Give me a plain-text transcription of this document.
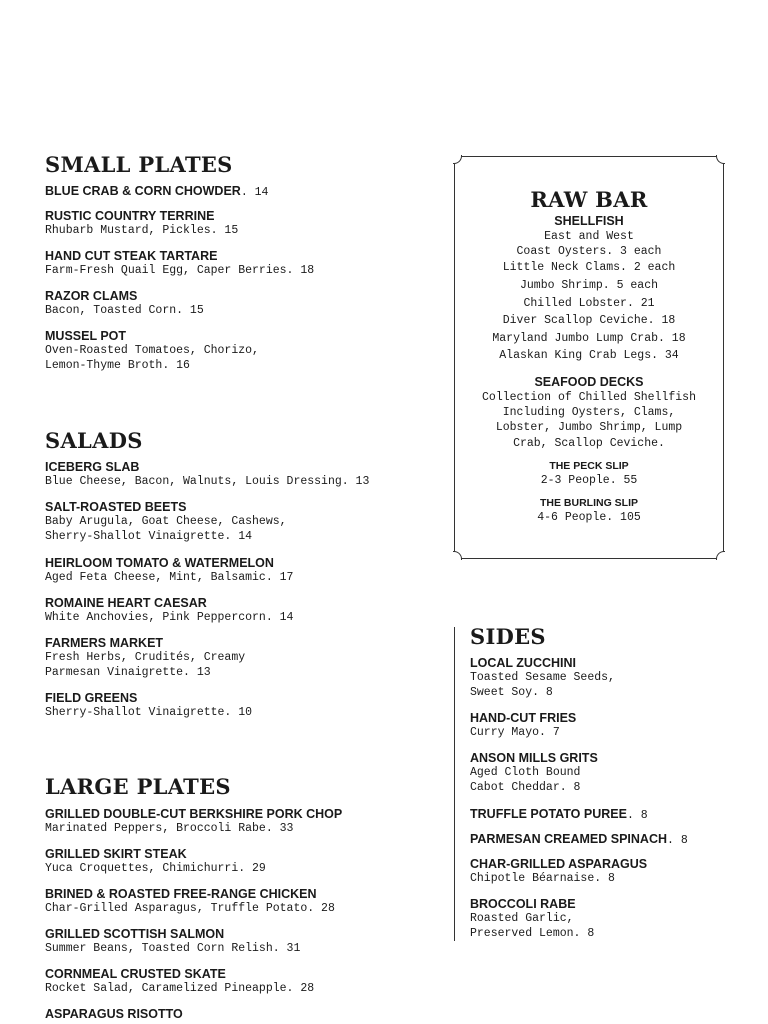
SMALL PLATES
BLUE CRAB & CORN CHOWDER. 14
RUSTIC COUNTRY TERRINE
Rhubarb Mustard, Pickles. 15
HAND CUT STEAK TARTARE
Farm-Fresh Quail Egg, Caper Berries. 18
RAZOR CLAMS
Bacon, Toasted Corn. 15
MUSSEL POT
Oven-Roasted Tomatoes, Chorizo,
Lemon-Thyme Broth. 16
SALADS
ICEBERG SLAB
Blue Cheese, Bacon, Walnuts, Louis Dressing. 13
SALT-ROASTED BEETS
Baby Arugula, Goat Cheese, Cashews,
Sherry-Shallot Vinaigrette. 14
HEIRLOOM TOMATO & WATERMELON
Aged Feta Cheese, Mint, Balsamic. 17
ROMAINE HEART CAESAR
White Anchovies, Pink Peppercorn. 14
FARMERS MARKET
Fresh Herbs, Crudités, Creamy
Parmesan Vinaigrette. 13
FIELD GREENS
Sherry-Shallot Vinaigrette. 10
LARGE PLATES
GRILLED DOUBLE-CUT BERKSHIRE PORK CHOP
Marinated Peppers, Broccoli Rabe. 33
GRILLED SKIRT STEAK
Yuca Croquettes, Chimichurri. 29
BRINED & ROASTED FREE-RANGE CHICKEN
Char-Grilled Asparagus, Truffle Potato. 28
GRILLED SCOTTISH SALMON
Summer Beans, Toasted Corn Relish. 31
CORNMEAL CRUSTED SKATE
Rocket Salad, Caramelized Pineapple. 28
ASPARAGUS RISOTTO
RAW BAR
SHELLFISH
East and West
Coast Oysters. 3 each
Little Neck Clams. 2 each
Jumbo Shrimp. 5 each
Chilled Lobster. 21
Diver Scallop Ceviche. 18
Maryland Jumbo Lump Crab. 18
Alaskan King Crab Legs. 34
SEAFOOD DECKS
Collection of Chilled Shellfish
Including Oysters, Clams,
Lobster, Jumbo Shrimp, Lump
Crab, Scallop Ceviche.
THE PECK SLIP
2-3 People. 55
THE BURLING SLIP
4-6 People. 105
SIDES
LOCAL ZUCCHINI
Toasted Sesame Seeds,
Sweet Soy. 8
HAND-CUT FRIES
Curry Mayo. 7
ANSON MILLS GRITS
Aged Cloth Bound
Cabot Cheddar. 8
TRUFFLE POTATO PUREE. 8
PARMESAN CREAMED SPINACH. 8
CHAR-GRILLED ASPARAGUS
Chipotle Béarnaise. 8
BROCCOLI RABE
Roasted Garlic,
Preserved Lemon. 8
